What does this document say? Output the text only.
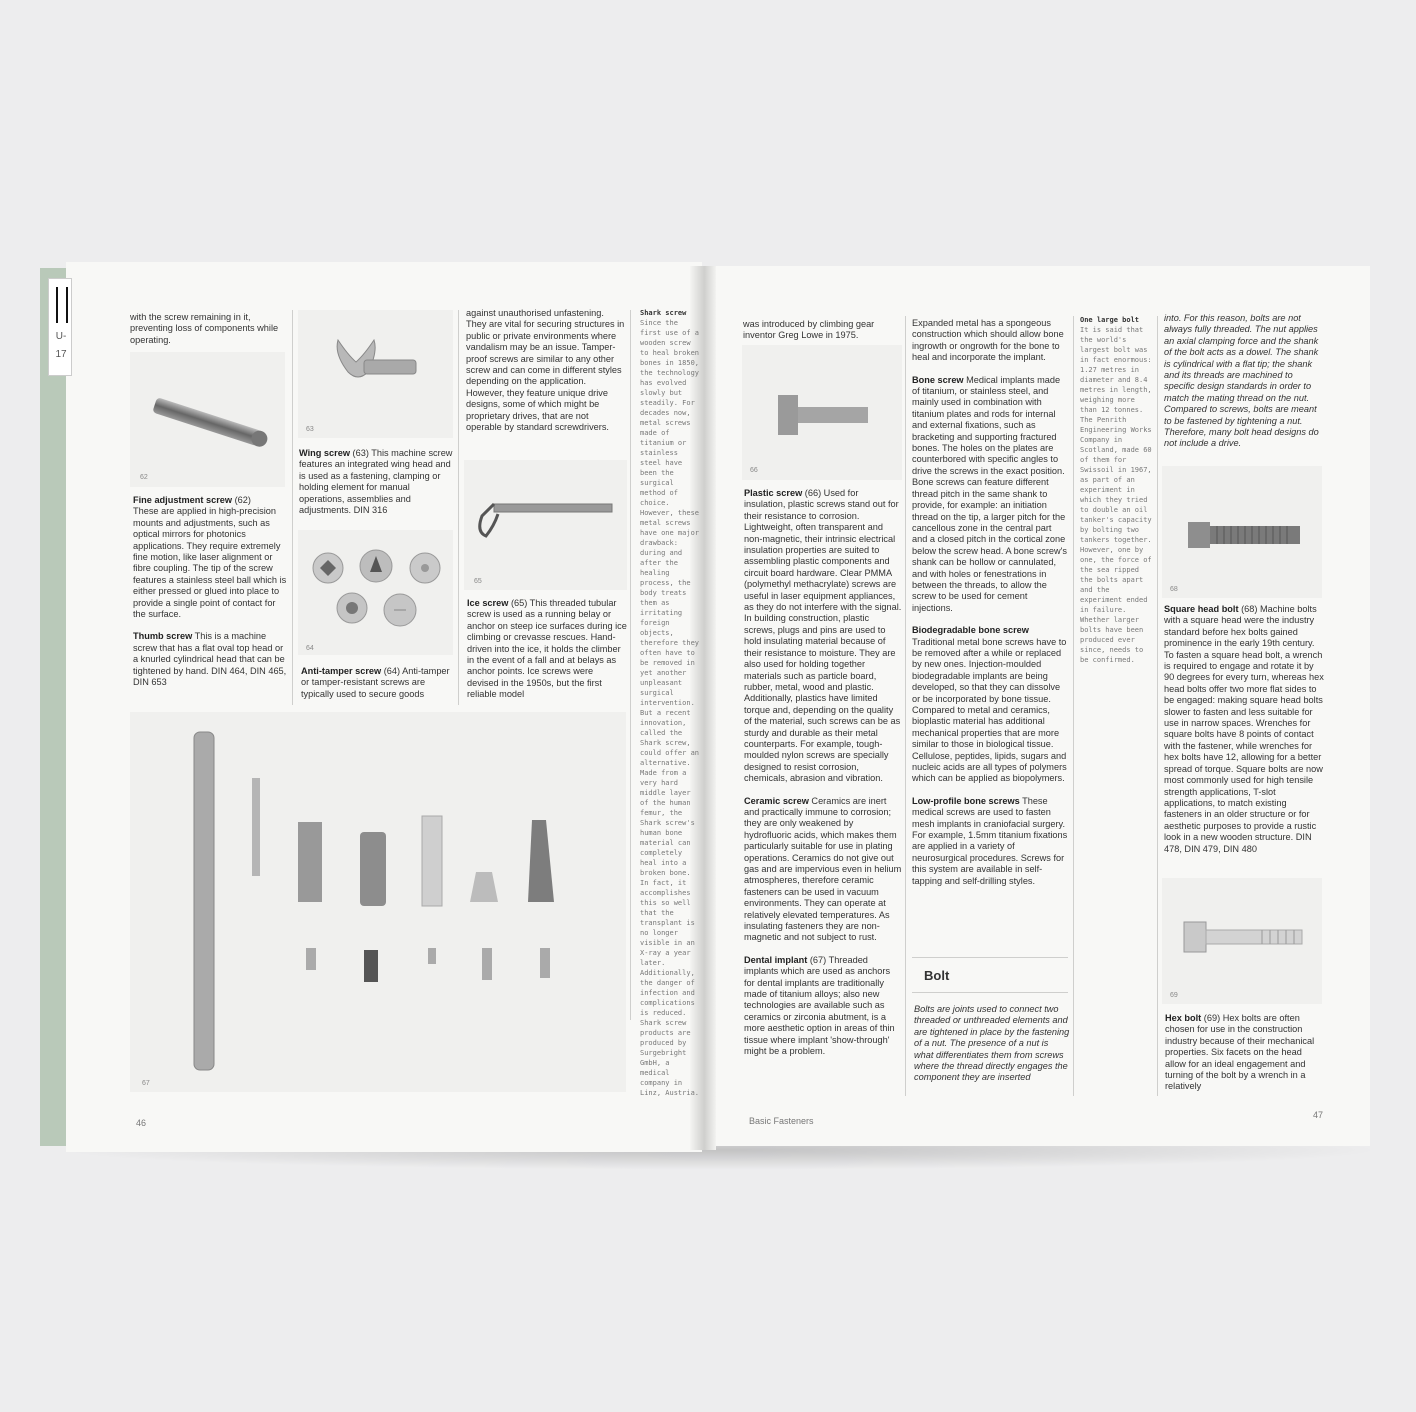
U-
17

with the screw remaining in it, preventing loss of components while operating.

62

Fine adjustment screw (62)

These are applied in high-precision mounts and adjustments, such as optical mirrors for photonics applications. They require extremely fine motion, like laser alignment or fibre coupling. The tip of the screw features a stainless steel ball which is either pressed or glued into place to provide a single point of contact for the surface.

Thumb screw This is a machine screw that has a flat oval top head or a knurled cylindrical head that can be tightened by hand. DIN 464, DIN 465, DIN 653

63

Wing screw (63) This machine screw features an integrated wing head and is used as a fastening, clamping or holding element for manual operations, assemblies and adjustments. DIN 316

64

Anti-tamper screw (64) Anti-tamper or tamper-resistant screws are typically used to secure goods

against unauthorised unfastening. They are vital for securing structures in public or private environments where vandalism may be an issue. Tamper-proof screws are similar to any other screw and can come in different styles depending on the application. However, they feature unique drive designs, some of which might be proprietary drives, that are not operable by standard screwdrivers.

65

Ice screw (65) This threaded tubular screw is used as a running belay or anchor on steep ice surfaces during ice climbing or crevasse rescues. Hand-driven into the ice, it holds the climber in the event of a fall and at belays as anchor points. Ice screws were devised in the 1950s, but the first reliable model

Shark screw

Since the first use of a wooden screw to heal broken bones in 1850, the technology has evolved slowly but steadily. For decades now, metal screws made of titanium or stainless steel have been the surgical method of choice. However, these metal screws have one major drawback: during and after the healing process, the body treats them as irritating foreign objects, therefore they often have to be removed in yet another unpleasant surgical intervention. But a recent innovation, called the Shark screw, could offer an alternative. Made from a very hard middle layer of the human femur, the Shark screw's human bone material can completely heal into a broken bone. In fact, it accomplishes this so well that the transplant is no longer visible in an X-ray a year later. Additionally, the danger of infection and complications is reduced. Shark screw products are produced by Surgebright GmbH, a medical company in Linz, Austria.

67
46

was introduced by climbing gear inventor Greg Lowe in 1975.

66

Plastic screw (66) Used for insulation, plastic screws stand out for their resistance to corrosion. Lightweight, often transparent and non-magnetic, their intrinsic electrical insulation properties are suited to assembling plastic components and circuit board hardware. Clear PMMA (polymethyl methacrylate) screws are useful in laser equipment appliances, as they do not interfere with the signal. In building construction, plastic screws, plugs and pins are used to hold insulating material because of their resistance to moisture. They are also used for holding together materials such as particle board, rubber, metal, wood and plastic. Additionally, plastics have limited torque and, depending on the quality of the material, such screws can be as sturdy and durable as their metal counterparts. For example, tough-moulded nylon screws are specially designed to resist corrosion, chemicals, abrasion and vibration.

Ceramic screw Ceramics are inert and practically immune to corrosion; they are only weakened by hydrofluoric acids, which makes them particularly suitable for use in plating operations. Ceramics do not give out gas and are impervious even in helium atmospheres, therefore ceramic fasteners can be used in vacuum environments. They can operate at relatively elevated temperatures. As insulating fasteners they are non-magnetic and not subject to rust.

Dental implant (67) Threaded implants which are used as anchors for dental implants are traditionally made of titanium alloys; also new technologies are available such as ceramics or zirconia abutment, is a more aesthetic option in areas of thin tissue where implant 'show-through' might be a problem.

Expanded metal has a spongeous construction which should allow bone ingrowth or ongrowth for the bone to heal and incorporate the implant.

Bone screw Medical implants made of titanium, or stainless steel, and mainly used in combination with titanium plates and rods for internal and external fixations, such as bracketing and supporting fractured bones. The holes on the plates are counterbored with specific angles to drive the screws in the exact position. Bone screws can feature different thread pitch in the same shank to provide, for example: an initiation thread on the tip, a larger pitch for the cancellous zone in the central part and a closed pitch in the cortical zone below the screw head. A bone screw's shank can be hollow or cannulated, and with holes or fenestrations in between the threads, to allow the screw to be used for cement injections.

Biodegradable bone screw

Traditional metal bone screws have to be removed after a while or replaced by new ones. Injection-moulded biodegradable implants are being developed, so that they can dissolve or be incorporated by bone tissue. Compared to metal and ceramics, bioplastic material has additional mechanical properties that are more similar to those in biological tissue. Cellulose, peptides, lipids, sugars and nucleic acids are all types of polymers which can be applied as biopolymers.

Low-profile bone screws These medical screws are used to fasten mesh implants in craniofacial surgery. For example, 1.5mm titanium fixations are applied in a variety of neurosurgical procedures. Screws for this system are available in self-tapping and self-drilling styles.

Bolt

Bolts are joints used to connect two threaded or unthreaded elements and are tightened in place by the fastening of a nut. The presence of a nut is what differentiates them from screws where the thread directly engages the component they are inserted

One large bolt

It is said that the world's largest bolt was in fact enormous: 1.27 metres in diameter and 8.4 metres in length, weighing more than 12 tonnes. The Penrith Engineering Works Company in Scotland, made 60 of them for Swissoil in 1967, as part of an experiment in which they tried to double an oil tanker's capacity by bolting two tankers together. However, one by one, the force of the sea ripped the bolts apart and the experiment ended in failure. Whether larger bolts have been produced ever since, needs to be confirmed.

into. For this reason, bolts are not always fully threaded. The nut applies an axial clamping force and the shank of the bolt acts as a dowel. The shank is cylindrical with a flat tip; the shank and its threads are machined to specific design standards in order to match the mating thread on the nut. Compared to screws, bolts are meant to be fastened by tightening a nut. Therefore, many bolt head designs do not include a drive.

68

Square head bolt (68) Machine bolts with a square head were the industry standard before hex bolts gained prominence in the early 19th century. To fasten a square head bolt, a wrench is required to engage and rotate it by 90 degrees for every turn, whereas hex head bolts offer two more flat sides to be engaged: making square head bolts slower to fasten and less suitable for use in narrow spaces. Wrenches for square bolts have 8 points of contact with the fastener, while wrenches for hex bolts have 12, allowing for a better spread of torque. Square bolts are now most commonly used for high tensile strength applications, T-slot applications, to match existing fasteners in an older structure or for aesthetic purposes to provide a rustic look in a new wooden structure. DIN 478, DIN 479, DIN 480

69

Hex bolt (69) Hex bolts are often chosen for use in the construction industry because of their mechanical properties. Six facets on the head allow for an ideal engagement and turning of the bolt by a wrench in a relatively

Basic Fasteners
47
